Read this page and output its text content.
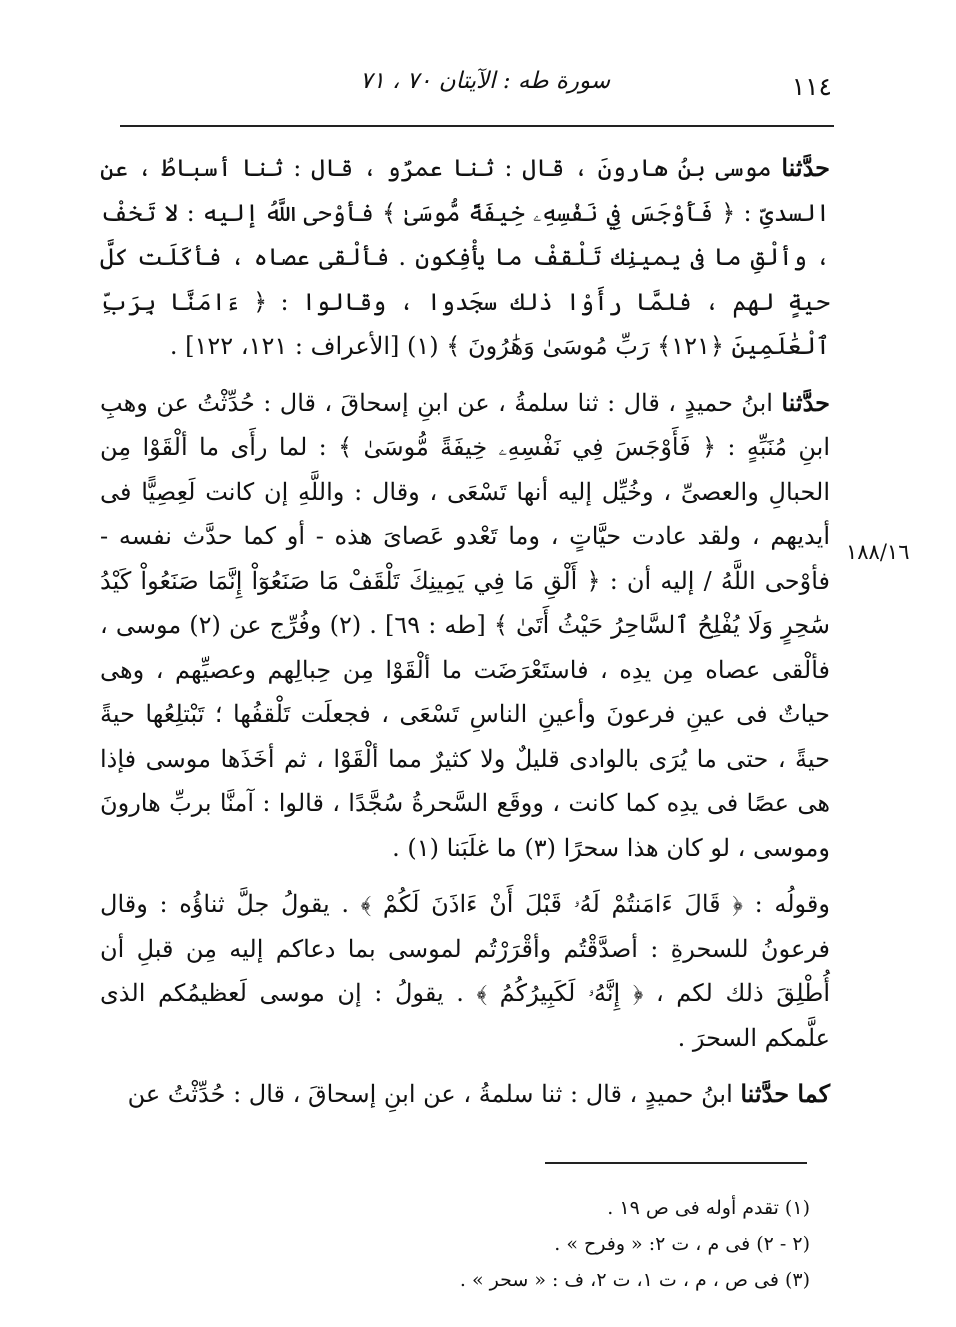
١١٤
سورة طه : الآيتان ٧٠ ، ٧١
١٨٨/١٦

حدَّثنا موسى بنُ هارونَ ، قال : ثنا عمرٌو ، قال : ثنا أسباطُ ، عن السدىِّ : ﴿ فَأَوْجَسَ فِي نَفْسِهِۦ خِيفَةً مُّوسَىٰ ﴾ فأوْحى اللَّهُ إليه : لا تَخفْ ، وألْقِ ما فى يمينِك تَلْقفْ ما يأْفِكون . فألْقى عصاه ، فأكَلَت كلَّ حيةٍ لهم ، فلمَّا رأَوْا ذلك سجَدوا ، وقالوا : ﴿ ءَامَنَّا بِرَبِّ ٱلْعَٰلَمِينَ ﴿١٢١﴾ رَبِّ مُوسَىٰ وَهَٰرُونَ ﴾ (١) [الأعراف : ١٢١، ١٢٢] .

حدَّثنا ابنُ حميدٍ ، قال : ثنا سلمةُ ، عن ابنِ إسحاقَ ، قال : حُدِّثْتُ عن وهبِ ابنِ مُنَبِّهٍ : ﴿ فَأَوْجَسَ فِي نَفْسِهِۦ خِيفَةً مُّوسَىٰ ﴾ : لما رأَى ما ألْقَوْا مِن الحبالِ والعصىِّ ، وخُيِّل إليه أنها تَسْعَى ، وقال : واللَّهِ إن كانت لَعِصِيًّا فى أيديهم ، ولقد عادت حيَّاتٍ ، وما تَعْدو عَصاىَ هذه - أو كما حدَّث نفسه - فأوْحى اللَّهُ / إليه أن : ﴿ أَلْقِ مَا فِي يَمِينِكَ تَلْقَفْ مَا صَنَعُوٓاْ إِنَّمَا صَنَعُواْ كَيْدُ سَٰحِرٍ وَلَا يُفْلِحُ ٱلسَّاحِرُ حَيْثُ أَتَىٰ ﴾ [طه : ٦٩] . (٢) وفُرِّج عن (٢) موسى ، فألْقى عصاه مِن يدِه ، فاستَعْرَضَت ما ألْقَوْا مِن حِبالِهم وعصيِّهم ، وهى حياتٌ فى عينِ فرعونَ وأعينِ الناسِ تَسْعَى ، فجعلَت تَلْقفُها ؛ تَبْتلِعُها حيةً حيةً ، حتى ما يُرَى بالوادى قليلٌ ولا كثيرٌ مما ألْقَوْا ، ثم أخَذَها موسى فإذا هى عصًا فى يدِه كما كانت ، ووقَع السَّحرةُ سُجَّدًا ، قالوا : آمنَّا بربِّ هارونَ وموسى ، لو كان هذا سحرًا (٣) ما غلَبَنا (١) .

وقولُه : ﴿ قَالَ ءَامَنتُمْ لَهُۥ قَبْلَ أَنْ ءَاذَنَ لَكُمْ ﴾ . يقولُ جلَّ ثناؤُه : وقال فرعونُ للسحرةِ : أصدَّقْتُم وأقْرَرْتُم لموسى بما دعاكم إليه مِن قبلِ أن أُطْلِقَ ذلك لكم ، ﴿ إِنَّهُۥ لَكَبِيرُكُمُ ﴾ . يقولُ : إن موسى لَعظيمُكم الذى علَّمكم السحرَ .

كما حدَّثنا ابنُ حميدٍ ، قال : ثنا سلمةُ ، عن ابنِ إسحاقَ ، قال : حُدِّثْتُ عن

(١) تقدم أوله فى ص ١٩ .
(٢ - ٢) فى م ، ت ٢: « وفرح » .
(٣) فى ص ، م ، ت ١، ت ٢، ف : « سحر » .
